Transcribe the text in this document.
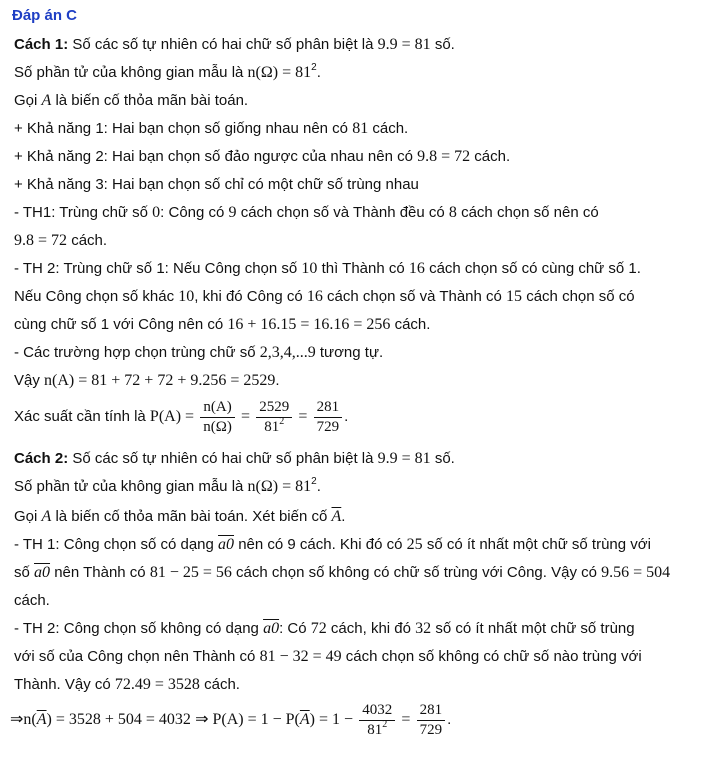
Đáp án C
Cách 1: Số các số tự nhiên có hai chữ số phân biệt là 9.9 = 81 số.
Số phần tử của không gian mẫu là $n(\Omega) = 81^2$.
Gọi A là biến cố thỏa mãn bài toán.
+ Khả năng 1: Hai bạn chọn số giống nhau nên có 81 cách.
+ Khả năng 2: Hai bạn chọn số đảo ngược của nhau nên có 9.8 = 72 cách.
+ Khả năng 3: Hai bạn chọn số chỉ có một chữ số trùng nhau
- TH1: Trùng chữ số 0: Công có 9 cách chọn số và Thành đều có 8 cách chọn số nên có
9.8 = 72 cách.
- TH 2: Trùng chữ số 1: Nếu Công chọn số 10 thì Thành có 16 cách chọn số có cùng chữ số 1.
Nếu Công chọn số khác 10, khi đó Công có 16 cách chọn số và Thành có 15 cách chọn số có
cùng chữ số 1 với Công nên có 16 + 16.15 = 16.16 = 256 cách.
- Các trường hợp chọn trùng chữ số 2,3,4,...9 tương tự.
Vậy n(A) = 81 + 72 + 72 + 9.256 = 2529.
Xác suất cần tính là $P(A) = \frac{n(A)}{n(\Omega)} = \frac{2529}{81^2} = \frac{281}{729}$ .
Cách 2: Số các số tự nhiên có hai chữ số phân biệt là 9.9 = 81 số.
Số phần tử của không gian mẫu là $n(\Omega) = 81^2$.
Gọi A là biến cố thỏa mãn bài toán. Xét biến cố $\overline{A}$.
- TH 1: Công chọn số có dạng a0 nên có 9 cách. Khi đó có 25 số có ít nhất một chữ số trùng với
số a0 nên Thành có 81 − 25 = 56 cách chọn số không có chữ số trùng với Công. Vậy có 9.56 = 504
cách.
- TH 2: Công chọn số không có dạng a0: Có 72 cách, khi đó 32 số có ít nhất một chữ số trùng
với số của Công chọn nên Thành có 81 − 32 = 49 cách chọn số không có chữ số nào trùng với
Thành. Vậy có 72.49 = 3528 cách.
$\Rightarrow n(\overline{A}) = 3528 + 504 = 4032$ ⇒ $P(A) = 1 - P(\overline{A}) = 1 - \frac{4032}{81^2} = \frac{281}{729}$ .
